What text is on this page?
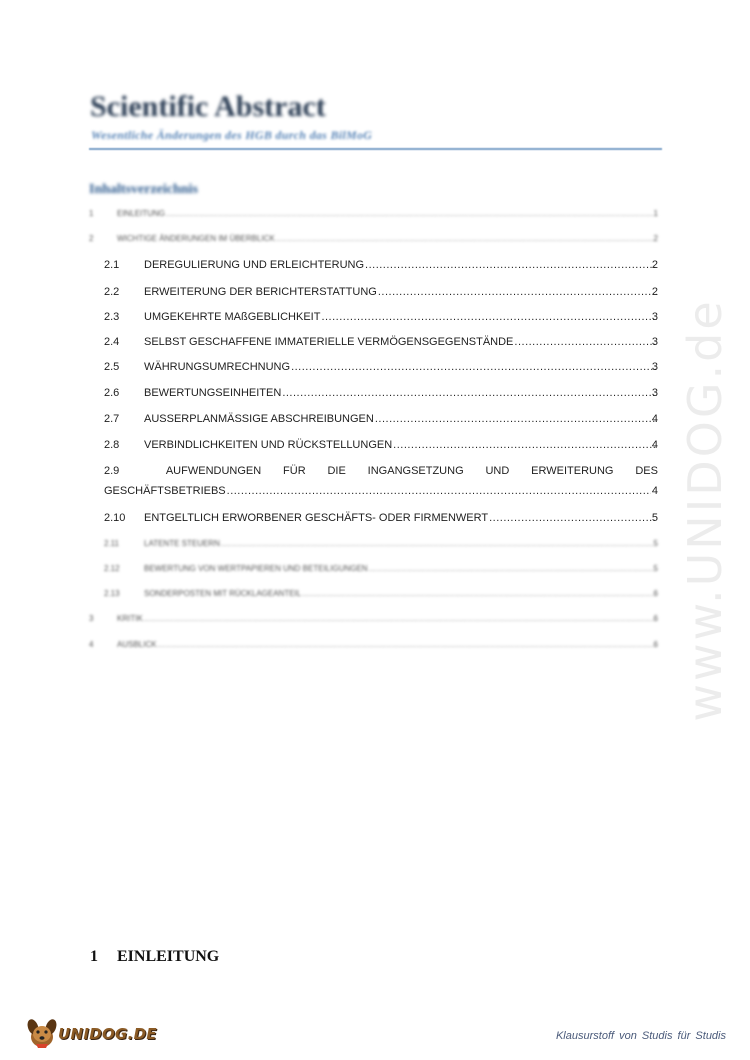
www.UNIDOG.de
Scientific Abstract
Wesentliche Änderungen des HGB durch das BilMoG
Inhaltsverzeichnis
1	EINLEITUNG .....	1
2	WICHTIGE ÄNDERUNGEN IM ÜBERBLICK .....	2
2.1 DEREGULIERUNG UND ERLEICHTERUNG .....	2
2.2 ERWEITERUNG DER BERICHTERSTATTUNG .....	2
2.3 UMGEKEHRTE MAßGEBLICHKEIT .....	3
2.4 SELBST GESCHAFFENE IMMATERIELLE VERMÖGENSGEGENSTÄNDE .....	3
2.5 WÄHRUNGSUMRECHNUNG .....	3
2.6 BEWERTUNGSEINHEITEN .....	3
2.7 AUSSERPLANMÄSSIGE ABSCHREIBUNGEN .....	4
2.8 VERBINDLICHKEITEN UND RÜCKSTELLUNGEN .....	4
2.9	AUFWENDUNGEN FÜR DIE INGANGSETZUNG UND ERWEITERUNG DES
GESCHÄFTSBETRIEBS .....	4
2.10 ENTGELTLICH ERWORBENER GESCHÄFTS- ODER FIRMENWERT .....	5
2.11	LATENTE STEUERN .....	5
2.12	BEWERTUNG VON WERTPAPIEREN UND BETEILIGUNGEN .....	5
2.13	SONDERPOSTEN MIT RÜCKLAGEANTEIL .....	6
3	KRITIK .....	6
4	AUSBLICK .....	6
1 EINLEITUNG
UNIDOG.DE	Klausurstoff von Studis für Studis
